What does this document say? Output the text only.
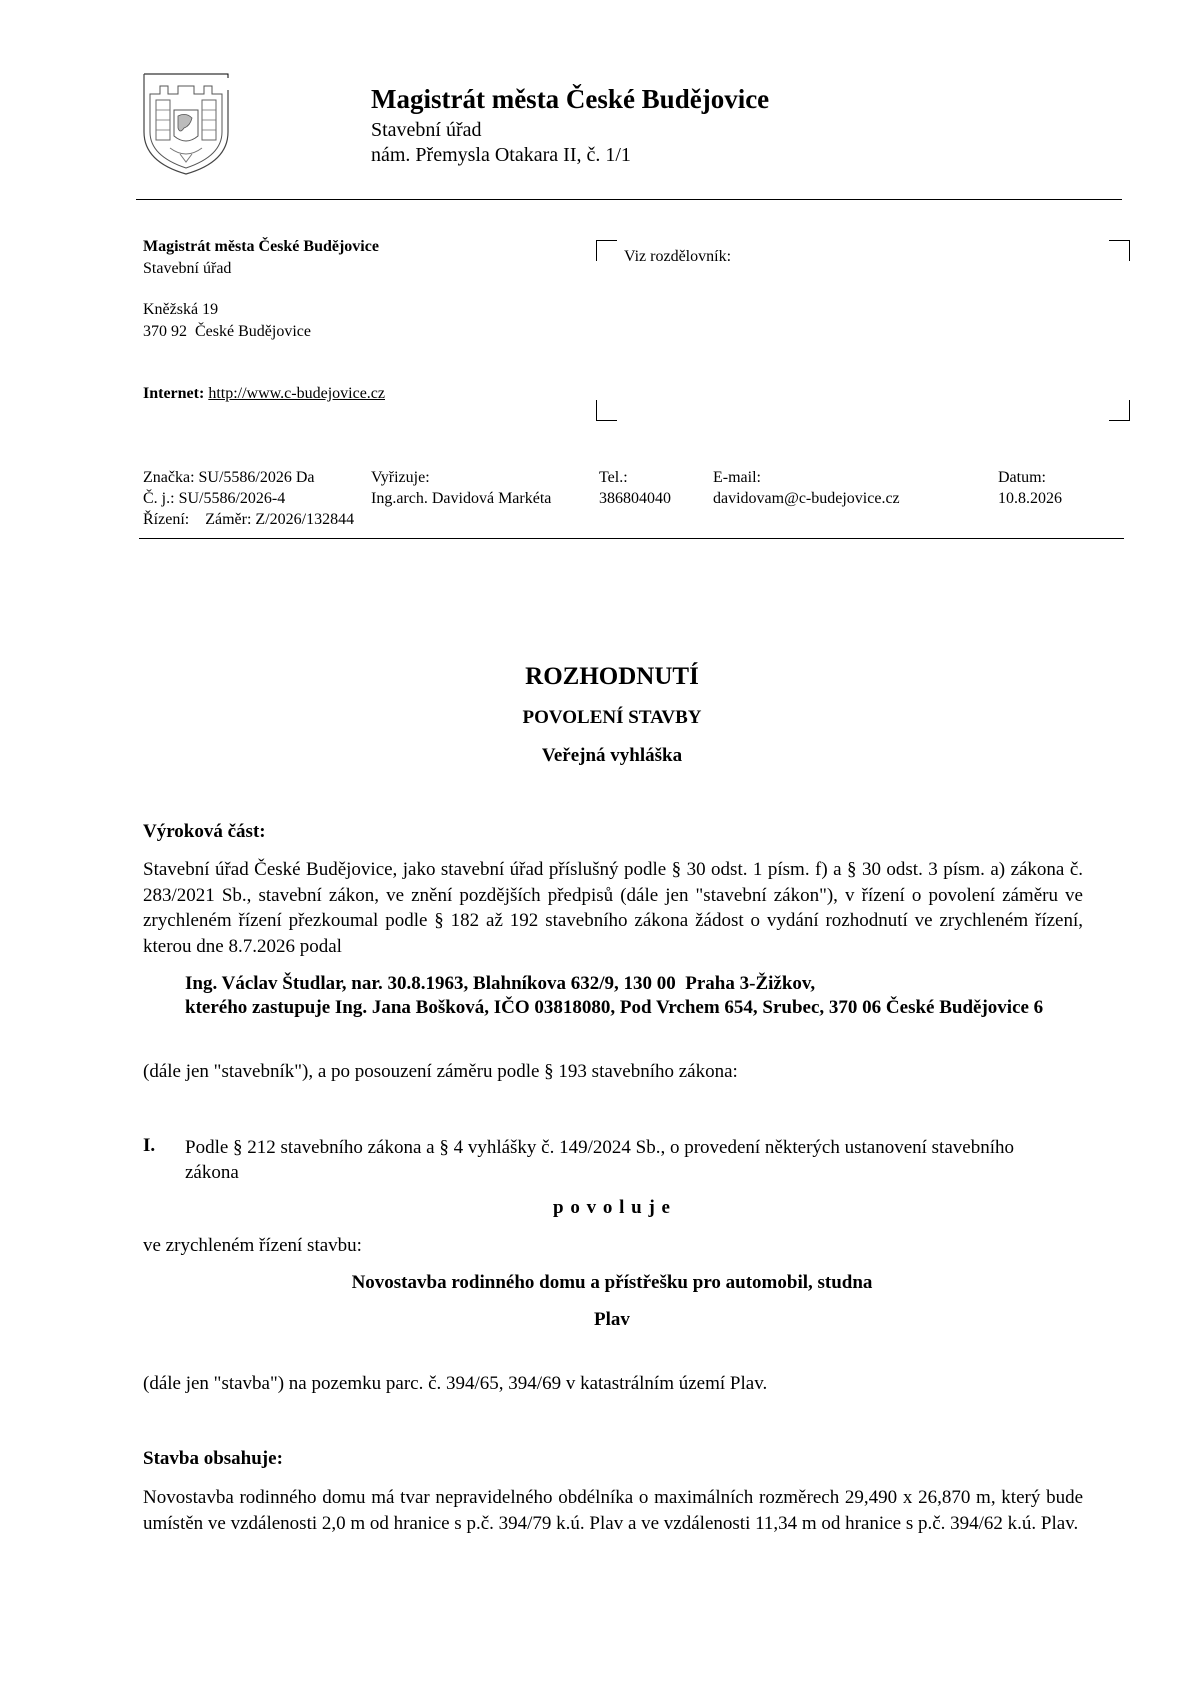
Magistrát města České Budějovice
Stavební úřad
nám. Přemysla Otakara II, č. 1/1
Magistrát města České Budějovice
Stavební úřad
Kněžská 19
370 92  České Budějovice
Internet: http://www.c-budejovice.cz
Viz rozdělovník:
Značka: SU/5586/2026 Da
Č. j.: SU/5586/2026-4
Řízení:    Záměr: Z/2026/132844
Vyřizuje:
Ing.arch. Davidová Markéta
Tel.:
386804040
E-mail:
davidovam@c-budejovice.cz
Datum:
10.8.2026
ROZHODNUTÍ
POVOLENÍ STAVBY
Veřejná vyhláška
Výroková část:
Stavební úřad České Budějovice, jako stavební úřad příslušný podle § 30 odst. 1 písm. f) a § 30 odst. 3 písm. a) zákona č. 283/2021 Sb., stavební zákon, ve znění pozdějších předpisů (dále jen "stavební zákon"), v řízení o povolení záměru ve zrychleném řízení přezkoumal podle § 182 až 192 stavebního zákona žádost o vydání rozhodnutí ve zrychleném řízení, kterou dne 8.7.2026 podal
Ing. Václav Študlar, nar. 30.8.1963, Blahníkova 632/9, 130 00  Praha 3-Žižkov,
kterého zastupuje Ing. Jana Bošková, IČO 03818080, Pod Vrchem 654, Srubec, 370 06 České Budějovice 6
(dále jen "stavebník"), a po posouzení záměru podle § 193 stavebního zákona:
I. Podle § 212 stavebního zákona a § 4 vyhlášky č. 149/2024 Sb., o provedení některých ustanovení stavebního zákona
p o v o l u j e
ve zrychleném řízení stavbu:
Novostavba rodinného domu a přístřešku pro automobil, studna
Plav
(dále jen "stavba") na pozemku parc. č. 394/65, 394/69 v katastrálním území Plav.
Stavba obsahuje:
Novostavba rodinného domu má tvar nepravidelného obdélníka o maximálních rozměrech 29,490 x 26,870 m, který bude umístěn ve vzdálenosti 2,0 m od hranice s p.č. 394/79 k.ú. Plav a ve vzdálenosti 11,34 m od hranice s p.č. 394/62 k.ú. Plav.
